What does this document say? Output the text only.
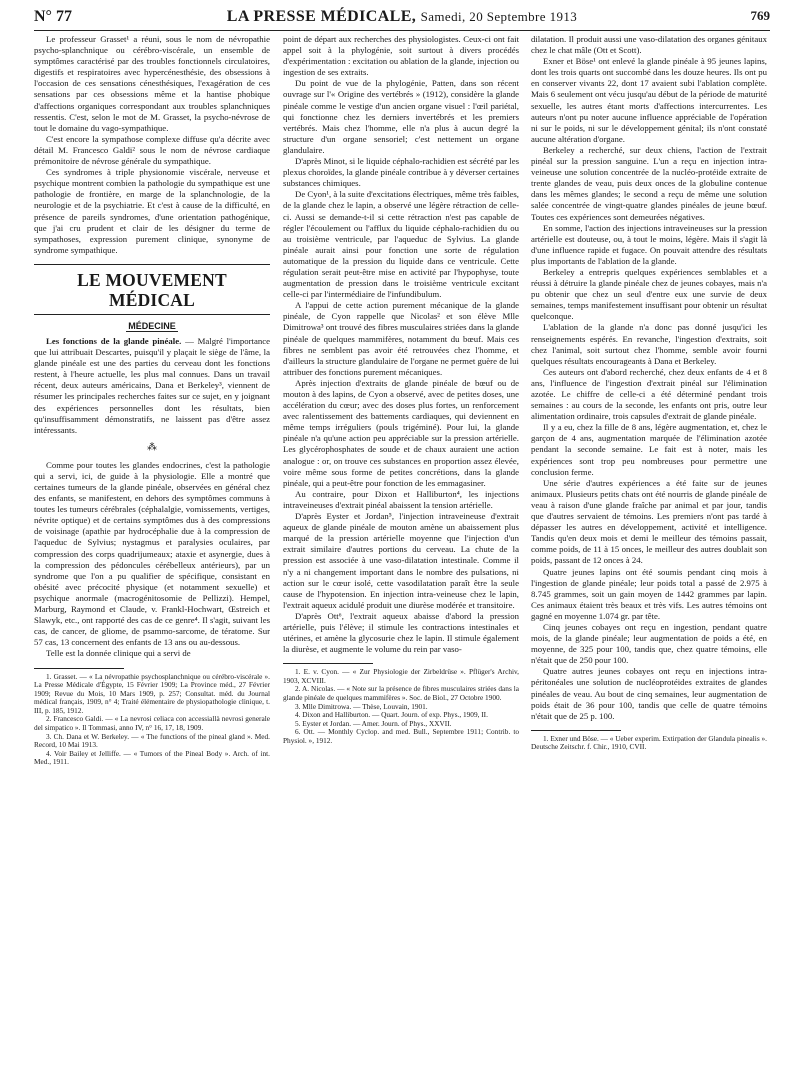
N° 77	LA PRESSE MÉDICALE, Samedi, 20 Septembre 1913	769

Le professeur Grasset¹ a réuni, sous le nom de névropathie psycho-splanchnique ou cérébro-viscérale, un ensemble de symptômes caractérisé par des troubles fonctionnels circulatoires, digestifs et respiratoires avec hypercénesthésie, des obsessions à l'occasion de ces sensations cénesthésiques, l'exagération de ces sensations par ces obsessions même et la hantise phobique d'affections organiques correspondant aux troubles splanchniques ressentis. C'est, selon le mot de M. Grasset, la psycho-névrose de tout le domaine du vago-sympathique.

C'est encore la sympathose complexe diffuse qu'a décrite avec détail M. Francesco Galdi² sous le nom de névrose cardiaque prémonitoire de névrose générale du sympathique.

Ces syndromes à triple physionomie viscérale, nerveuse et psychique montrent combien la pathologie du sympathique est une pathologie de frontière, en marge de la splanchnologie, de la neurologie et de la psychiatrie. Et c'est à cause de la difficulté, en présence de pareils syndromes, d'une orientation pathogénique, que j'ai cru prudent et clair de les désigner du terme de sympathoses, expression purement clinique, synonyme de syndrome sympathique.

LE MOUVEMENT MÉDICAL
MÉDECINE

Les fonctions de la glande pinéale. — Malgré l'importance que lui attribuait Descartes, puisqu'il y plaçait le siège de l'âme, la glande pinéale est une des parties du cerveau dont les fonctions restent, à l'heure actuelle, les plus mal connues. Dans un travail récent, deux auteurs américains, Dana et Berkeley³, viennent de résumer les principales recherches faites sur ce sujet, en y joignant des expériences personnelles dont les résultats, bien qu'insuffisamment démonstratifs, ne laissent pas d'être assez intéressants.

⁂

Comme pour toutes les glandes endocrines, c'est la pathologie qui a servi, ici, de guide à la physiologie. Elle a montré que certaines tumeurs de la glande pinéale, observées en général chez des enfants, se manifestent, en dehors des symptômes communs à toutes les tumeurs cérébrales (céphalalgie, vomissements, vertiges, névrite optique) et de certains symptômes dus à des compressions de voisinage (apathie par hydrocéphalie due à la compression de l'aqueduc de Sylvius; nystagmus et paralysies oculaires, par compression des corps quadrijumeaux; ataxie et asynergie, dues à la compression des pédoncules cérébelleux antérieurs), par un syndrome que l'on a pu qualifier de spécifique, consistant en obésité avec précocité physique (et notamment sexuelle) et psychique anormale (macrogénitosomie de Pellizzi). Hempel, Marburg, Raymond et Claude, v. Frankl-Hochwart, Œstreich et Slawyk, etc., ont rapporté des cas de ce genre⁴. Il s'agit, suivant les cas, de cancer, de gliome, de psammo-sarcome, de tératome. Sur 57 cas, 13 concernent des enfants de 13 ans ou au-dessous.

Telle est la donnée clinique qui a servi de

1. Grasset. — « La névropathie psychosplanchnique ou cérébro-viscérale ». La Presse Médicale d'Égypte, 15 Février 1909; La Province méd., 27 Février 1909; Revue du Mois, 10 Mars 1909, p. 257; Consultat. méd. du Journal médical français, 1909, n° 4; Traité élémentaire de physiopathologie clinique, t. III, p. 185, 1912.

2. Francesco Galdi. — « La nevrosi celiaca con accessiallà nevrosi generale del simpatico ». Il Tommasi, anno IV, n° 16, 17, 18, 1909.

3. Ch. Dana et W. Berkeley. — « The functions of the pineal gland ». Med. Record, 10 Mai 1913.

4. Voir Bailey et Jelliffe. — « Tumors of the Pineal Body ». Arch. of int. Med., 1911.

point de départ aux recherches des physiologistes. Ceux-ci ont fait appel soit à la phylogénie, soit surtout à divers procédés d'expérimentation : excitation ou ablation de la glande, injection ou ingestion de ses extraits.

Du point de vue de la phylogénie, Patten, dans son récent ouvrage sur l'« Origine des vertébrés » (1912), considère la glande pinéale comme le vestige d'un ancien organe visuel : l'œil pariétal, qui fonctionne chez les derniers invertébrés et les premiers vertébrés. Mais chez l'homme, elle n'a plus à aucun degré la structure d'un organe sensoriel; c'est nettement un organe glandulaire.

D'après Minot, si le liquide céphalo-rachidien est sécrété par les plexus choroïdes, la glande pinéale contribue à y déverser certaines substances chimiques.

De Cyon¹, à la suite d'excitations électriques, même très faibles, de la glande chez le lapin, a observé une légère rétraction de celle-ci. Aussi se demande-t-il si cette rétraction n'est pas capable de régler l'écoulement ou l'afflux du liquide céphalo-rachidien du ou au troisième ventricule, par l'aqueduc de Sylvius. La glande pinéale aurait ainsi pour fonction une sorte de régulation automatique de la pression du liquide dans ce ventricule. Cette régulation serait peut-être mise en activité par l'hypophyse, toute augmentation de pression dans le troisième ventricule excitant celle-ci par l'intermédiaire de l'infundibulum.

A l'appui de cette action purement mécanique de la glande pinéale, de Cyon rappelle que Nicolas² et son élève Mlle Dimitrowa³ ont trouvé des fibres musculaires striées dans la glande pinéale de quelques mammifères, notamment du bœuf. Mais ces fibres ne semblent pas avoir été retrouvées chez l'homme, et d'ailleurs la structure glandulaire de l'organe ne permet guère de lui attribuer des fonctions purement mécaniques.

Après injection d'extraits de glande pinéale de bœuf ou de mouton à des lapins, de Cyon a observé, avec de petites doses, une accélération du cœur; avec des doses plus fortes, un renforcement avec ralentissement des battements cardiaques, qui deviennent en même temps irréguliers (pouls trigéminé). Pour lui, la glande pinéale n'a qu'une action peu appréciable sur la pression artérielle. Les glycérophosphates de soude et de chaux auraient une action analogue : or, on trouve ces substances en proportion assez élevée, voire même sous forme de petites concrétions, dans la glande pinéale, qui a peut-être pour fonction de les emmagasiner.

Au contraire, pour Dixon et Halliburton⁴, les injections intraveineuses d'extrait pinéal abaissent la tension artérielle.

D'après Eyster et Jordan⁵, l'injection intraveineuse d'extrait aqueux de glande pinéale de mouton amène un abaissement plus marqué de la pression artérielle moyenne que l'injection d'un extrait similaire d'autres portions du cerveau. La chute de la pression est associée à une vaso-dilatation intestinale. Comme il n'y a ni changement important dans le nombre des pulsations, ni action sur le cœur isolé, cette vasodilatation paraît être la seule cause de l'hypotension. En injection intra-veineuse chez le lapin, l'extrait aqueux acidulé produit une diurèse modérée et transitoire.

D'après Ott⁶, l'extrait aqueux abaisse d'abord la pression artérielle, puis l'élève; il stimule les contractions intestinales et utérines, et amène la glycosurie chez le lapin. Il stimule également la diurèse, et augmente le volume du rein par vaso-

1. E. v. Cyon. — « Zur Physiologie der Zirbeldrüse ». Pflüger's Archiv, 1903, XCVIII.

2. A. Nicolas. — « Note sur la présence de fibres musculaires striées dans la glande pinéale de quelques mammifères ». Soc. de Biol., 27 Octobre 1900.

3. Mlle Dimitrowa. — Thèse, Louvain, 1901.

4. Dixon and Halliburton. — Quart. Journ. of exp. Phys., 1909, II.

5. Eyster et Jordan. — Amer. Journ. of Phys., XXVII.

6. Ott. — Monthly Cyclop. and med. Bull., Septembre 1911; Contrib. to Physiol. », 1912.

dilatation. Il produit aussi une vaso-dilatation des organes génitaux chez le chat mâle (Ott et Scott).

Exner et Böse¹ ont enlevé la glande pinéale à 95 jeunes lapins, dont les trois quarts ont succombé dans les douze heures. Ils ont pu en conserver vivants 22, dont 17 avaient subi l'ablation complète. Mais 6 seulement ont vécu jusqu'au début de la période de maturité sexuelle, les autres étant morts d'affections intercurrentes. Les auteurs n'ont pu noter aucune influence appréciable de l'opération ni sur le poids, ni sur le développement génital; ils n'ont constaté aucune altération d'organe.

Berkeley a recherché, sur deux chiens, l'action de l'extrait pinéal sur la pression sanguine. L'un a reçu en injection intra-veineuse une solution concentrée de la nucléo-protéide extraite de trente glandes de veau, puis deux onces de la globuline contenue dans les mêmes glandes; le second a reçu de même une solution salée concentrée de vingt-quatre glandes pinéales de jeune bœuf. Toutes ces expériences sont demeurées négatives.

En somme, l'action des injections intraveineuses sur la pression artérielle est douteuse, ou, à tout le moins, légère. Mais il s'agit là d'une influence rapide et fugace. On pouvait attendre des résultats plus importants de l'ablation de la glande.

Berkeley a entrepris quelques expériences semblables et a réussi à détruire la glande pinéale chez de jeunes cobayes, mais n'a pu obtenir que chez un seul d'entre eux une survie de deux semaines, temps manifestement insuffisant pour obtenir un résultat quelconque.

L'ablation de la glande n'a donc pas donné jusqu'ici les renseignements espérés. En revanche, l'ingestion d'extraits, soit chez l'animal, soit surtout chez l'homme, semble avoir fourni quelques résultats encourageants à Dana et Berkeley.

Ces auteurs ont d'abord recherché, chez deux enfants de 4 et 8 ans, l'influence de l'ingestion d'extrait pinéal sur l'élimination azotée. Le chiffre de celle-ci a été déterminé pendant trois semaines : au cours de la seconde, les enfants ont pris, outre leur alimentation ordinaire, trois capsules d'extrait de glande pinéale.

Il y a eu, chez la fille de 8 ans, légère augmentation, et, chez le garçon de 4 ans, augmentation marquée de l'élimination azotée pendant la seconde semaine. Le fait est à noter, mais les expériences sont trop peu nombreuses pour permettre une conclusion ferme.

Une série d'autres expériences a été faite sur de jeunes animaux. Plusieurs petits chats ont été nourris de glande pinéale de veau à raison d'une glande fraîche par animal et par jour, tandis que d'autres servaient de témoins. Les premiers n'ont pas tardé à dépasser les autres en développement, activité et intelligence. Tandis qu'en deux mois et demi le meilleur des témoins passait, comme poids, de 11 à 15 onces, le meilleur des autres doublait son poids, passant de 12 onces à 24.

Quatre jeunes lapins ont été soumis pendant cinq mois à l'ingestion de glande pinéale; leur poids total a passé de 2.975 à 8.745 grammes, soit un gain moyen de 1442 grammes par lapin. Ces animaux étaient très beaux et très vifs. Les autres témoins ont gagné en moyenne 1.074 gr. par tête.

Cinq jeunes cobayes ont reçu en ingestion, pendant quatre mois, de la glande pinéale; leur augmentation de poids a été, en moyenne, de 325 pour 100, tandis que, chez quatre témoins, elle n'était que de 250 pour 100.

Quatre autres jeunes cobayes ont reçu en injections intra-péritonéales une solution de nucléoprotéides extraites de glandes pinéales de veau. Au bout de cinq semaines, leur augmentation de poids était de 36 pour 100, tandis que celle de quatre témoins n'était que de 25 p. 100.

1. Exner und Böse. — « Ueber experim. Extirpation der Glandula pinealis ». Deutsche Zeitschr. f. Chir., 1910, CVII.
